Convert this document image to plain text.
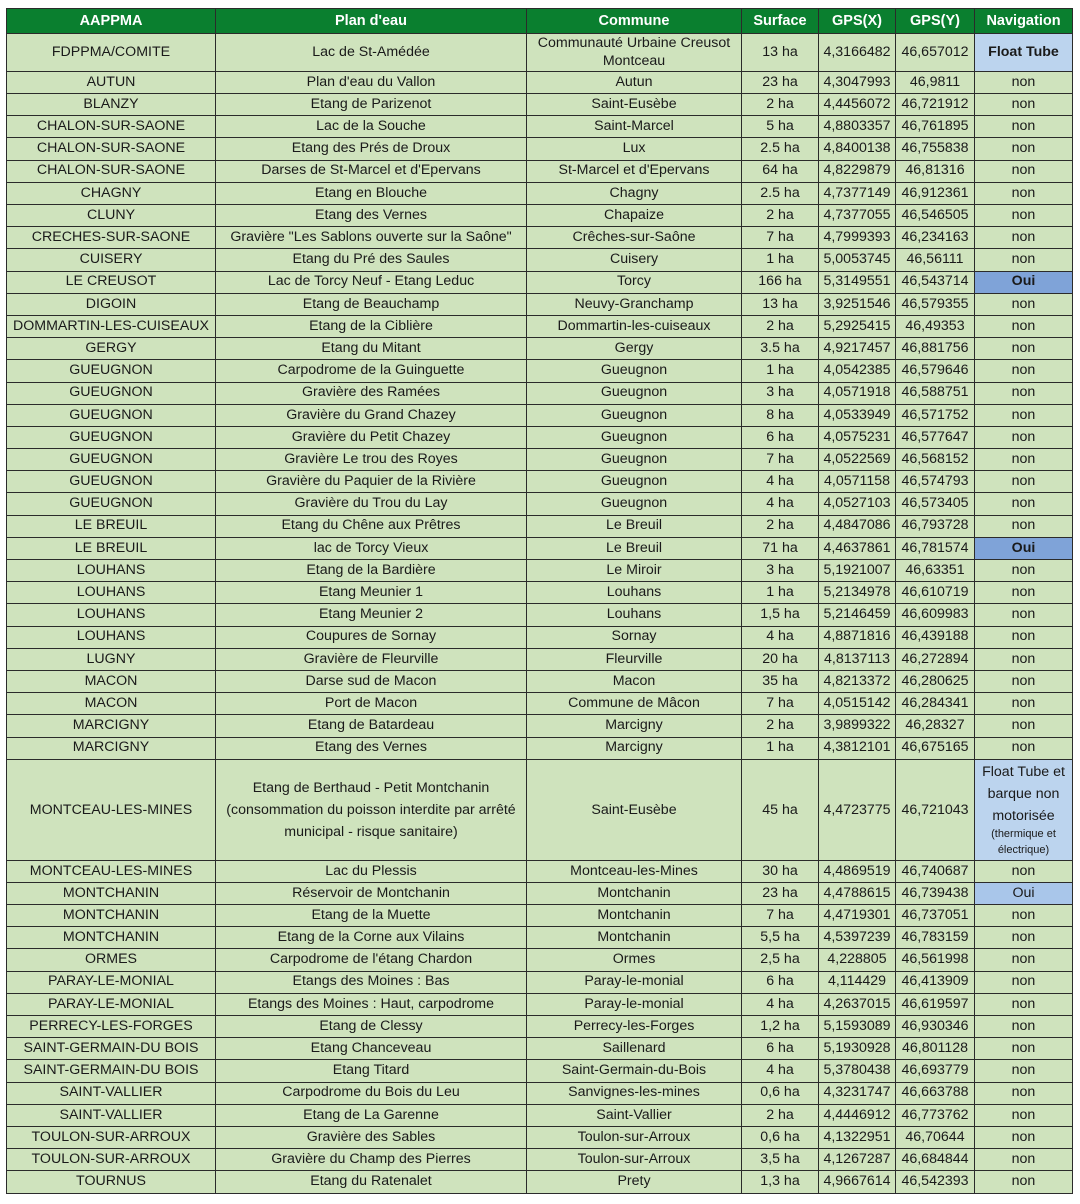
AAPPMA	Plan d'eau	Commune	Surface	GPS(X)	GPS(Y)	Navigation
FDPPMA/COMITE	Lac de St-Amédée	Communauté Urbaine Creusot Montceau	13 ha	4,3166482	46,657012	Float Tube
AUTUN	Plan d'eau du Vallon	Autun	23 ha	4,3047993	46,9811	non
BLANZY	Etang de Parizenot	Saint-Eusèbe	2 ha	4,4456072	46,721912	non
CHALON-SUR-SAONE	Lac de la Souche	Saint-Marcel	5 ha	4,8803357	46,761895	non
CHALON-SUR-SAONE	Etang des Prés de Droux	Lux	2.5 ha	4,8400138	46,755838	non
CHALON-SUR-SAONE	Darses de St-Marcel et d'Epervans	St-Marcel et d'Epervans	64 ha	4,8229879	46,81316	non
CHAGNY	Etang en Blouche	Chagny	2.5 ha	4,7377149	46,912361	non
CLUNY	Etang des Vernes	Chapaize	2 ha	4,7377055	46,546505	non
CRECHES-SUR-SAONE	Gravière "Les Sablons ouverte sur la Saône"	Crêches-sur-Saône	7 ha	4,7999393	46,234163	non
CUISERY	Etang du Pré des Saules	Cuisery	1 ha	5,0053745	46,56111	non
LE CREUSOT	Lac de Torcy Neuf - Etang Leduc	Torcy	166 ha	5,3149551	46,543714	Oui
DIGOIN	Etang de Beauchamp	Neuvy-Granchamp	13 ha	3,9251546	46,579355	non
DOMMARTIN-LES-CUISEAUX	Etang de la Ciblière	Dommartin-les-cuiseaux	2 ha	5,2925415	46,49353	non
GERGY	Etang du Mitant	Gergy	3.5 ha	4,9217457	46,881756	non
GUEUGNON	Carpodrome de la Guinguette	Gueugnon	1 ha	4,0542385	46,579646	non
GUEUGNON	Gravière des Ramées	Gueugnon	3 ha	4,0571918	46,588751	non
GUEUGNON	Gravière du Grand Chazey	Gueugnon	8 ha	4,0533949	46,571752	non
GUEUGNON	Gravière du Petit Chazey	Gueugnon	6 ha	4,0575231	46,577647	non
GUEUGNON	Gravière Le trou des Royes	Gueugnon	7 ha	4,0522569	46,568152	non
GUEUGNON	Gravière du Paquier de la Rivière	Gueugnon	4 ha	4,0571158	46,574793	non
GUEUGNON	Gravière du Trou du Lay	Gueugnon	4 ha	4,0527103	46,573405	non
LE BREUIL	Etang du Chêne aux Prêtres	Le Breuil	2 ha	4,4847086	46,793728	non
LE BREUIL	lac de Torcy Vieux	Le Breuil	71 ha	4,4637861	46,781574	Oui
LOUHANS	Etang de la Bardière	Le Miroir	3 ha	5,1921007	46,63351	non
LOUHANS	Etang Meunier 1	Louhans	1 ha	5,2134978	46,610719	non
LOUHANS	Etang Meunier 2	Louhans	1,5 ha	5,2146459	46,609983	non
LOUHANS	Coupures de Sornay	Sornay	4 ha	4,8871816	46,439188	non
LUGNY	Gravière de Fleurville	Fleurville	20 ha	4,8137113	46,272894	non
MACON	Darse sud de Macon	Macon	35 ha	4,8213372	46,280625	non
MACON	Port de Macon	Commune de Mâcon	7 ha	4,0515142	46,284341	non
MARCIGNY	Etang de Batardeau	Marcigny	2 ha	3,9899322	46,28327	non
MARCIGNY	Etang des Vernes	Marcigny	1 ha	4,3812101	46,675165	non
MONTCEAU-LES-MINES	Etang de Berthaud - Petit Montchanin (consommation du poisson interdite par arrêté municipal - risque sanitaire)	Saint-Eusèbe	45 ha	4,4723775	46,721043	Float Tube et barque non motorisée
(thermique et électrique)

MONTCEAU-LES-MINES	Lac du Plessis	Montceau-les-Mines	30 ha	4,4869519	46,740687	non
MONTCHANIN	Réservoir de Montchanin	Montchanin	23 ha	4,4788615	46,739438	Oui
MONTCHANIN	Etang de la Muette	Montchanin	7 ha	4,4719301	46,737051	non
MONTCHANIN	Etang de la Corne aux Vilains	Montchanin	5,5 ha	4,5397239	46,783159	non
ORMES	Carpodrome de l'étang Chardon	Ormes	2,5 ha	4,228805	46,561998	non
PARAY-LE-MONIAL	Etangs des Moines : Bas	Paray-le-monial	6 ha	4,114429	46,413909	non
PARAY-LE-MONIAL	Etangs des Moines : Haut, carpodrome	Paray-le-monial	4 ha	4,2637015	46,619597	non
PERRECY-LES-FORGES	Etang de Clessy	Perrecy-les-Forges	1,2 ha	5,1593089	46,930346	non
SAINT-GERMAIN-DU BOIS	Etang Chanceveau	Saillenard	6 ha	5,1930928	46,801128	non
SAINT-GERMAIN-DU BOIS	Etang Titard	Saint-Germain-du-Bois	4 ha	5,3780438	46,693779	non
SAINT-VALLIER	Carpodrome du Bois du Leu	Sanvignes-les-mines	0,6 ha	4,3231747	46,663788	non
SAINT-VALLIER	Etang de La Garenne	Saint-Vallier	2 ha	4,4446912	46,773762	non
TOULON-SUR-ARROUX	Gravière des Sables	Toulon-sur-Arroux	0,6 ha	4,1322951	46,70644	non
TOULON-SUR-ARROUX	Gravière du Champ des Pierres	Toulon-sur-Arroux	3,5 ha	4,1267287	46,684844	non
TOURNUS	Etang du Ratenalet	Prety	1,3 ha	4,9667614	46,542393	non
